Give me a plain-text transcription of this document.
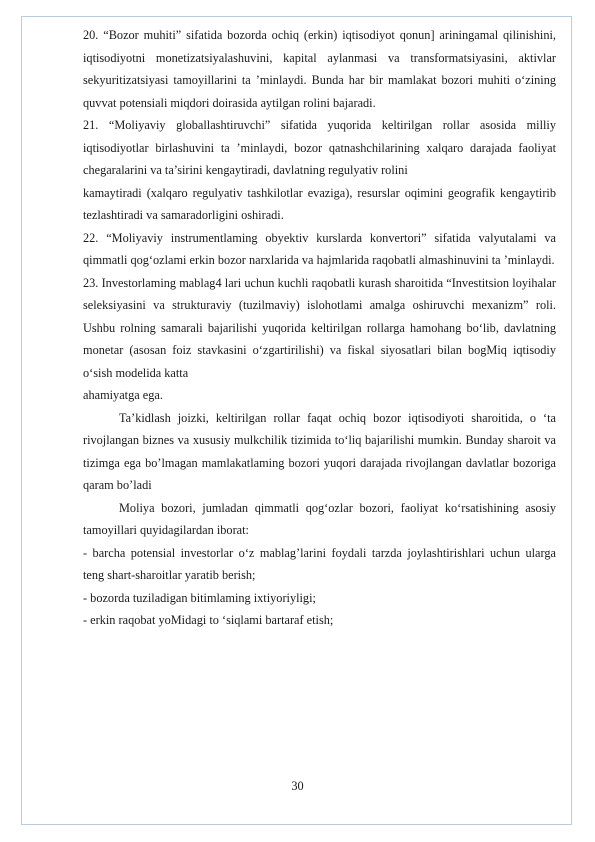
20. “Bozor muhiti” sifatida bozorda ochiq (erkin) iqtisodiyot qonun] ariningamal qilinishini, iqtisodiyotni monetizatsiyalashuvini, kapital aylanmasi va transformatsiyasini, aktivlar sekyuritizatsiyasi tamoyillarini ta ’minlaydi. Bunda har bir mamlakat bozori muhiti o‘zining quvvat potensiali miqdori doirasida aytilgan rolini bajaradi.

21. “Moliyaviy globallashtiruvchi” sifatida yuqorida keltirilgan rollar asosida milliy iqtisodiyotlar birlashuvini ta ’minlaydi, bozor qatnashchilarining xalqaro darajada faoliyat chegaralarini va ta’sirini kengaytiradi, davlatning regulyativ rolini

kamaytiradi (xalqaro regulyativ tashkilotlar evaziga), resurslar oqimini geografik kengaytirib tezlashtiradi va samaradorligini oshiradi.

22. “Moliyaviy instrumentlaming obyektiv kurslarda konvertori” sifatida valyutalami va qimmatli qog‘ozlami erkin bozor narxlarida va hajmlarida raqobatli almashinuvini ta ’minlaydi.

23. Investorlaming mablag4 lari uchun kuchli raqobatli kurash sharoitida “Investitsion loyihalar seleksiyasini va strukturaviy (tuzilmaviy) islohotlami amalga oshiruvchi mexanizm” roli. Ushbu rolning samarali bajarilishi yuqorida keltirilgan rollarga hamohang bo‘lib, davlatning monetar (asosan foiz stavkasini o‘zgartirilishi) va fiskal siyosatlari bilan bogMiq iqtisodiy o‘sish modelida katta

ahamiyatga ega.

Ta’kidlash joizki, keltirilgan rollar faqat ochiq bozor iqtisodiyoti sharoitida, o ‘ta rivojlangan biznes va xususiy mulkchilik tizimida to‘liq bajarilishi mumkin. Bunday sharoit va tizimga ega bo’lmagan mamlakatlaming bozori yuqori darajada rivojlangan davlatlar bozoriga qaram bo’ladi

Moliya bozori, jumladan qimmatli qog‘ozlar bozori, faoliyat ko‘rsatishining asosiy tamoyillari quyidagilardan iborat:

- barcha potensial investorlar o‘z mablag’larini foydali tarzda joylashtirishlari uchun ularga teng shart-sharoitlar yaratib berish;

- bozorda tuziladigan bitimlaming ixtiyoriyligi;

- erkin raqobat yoMidagi to ‘siqlami bartaraf etish;

30
